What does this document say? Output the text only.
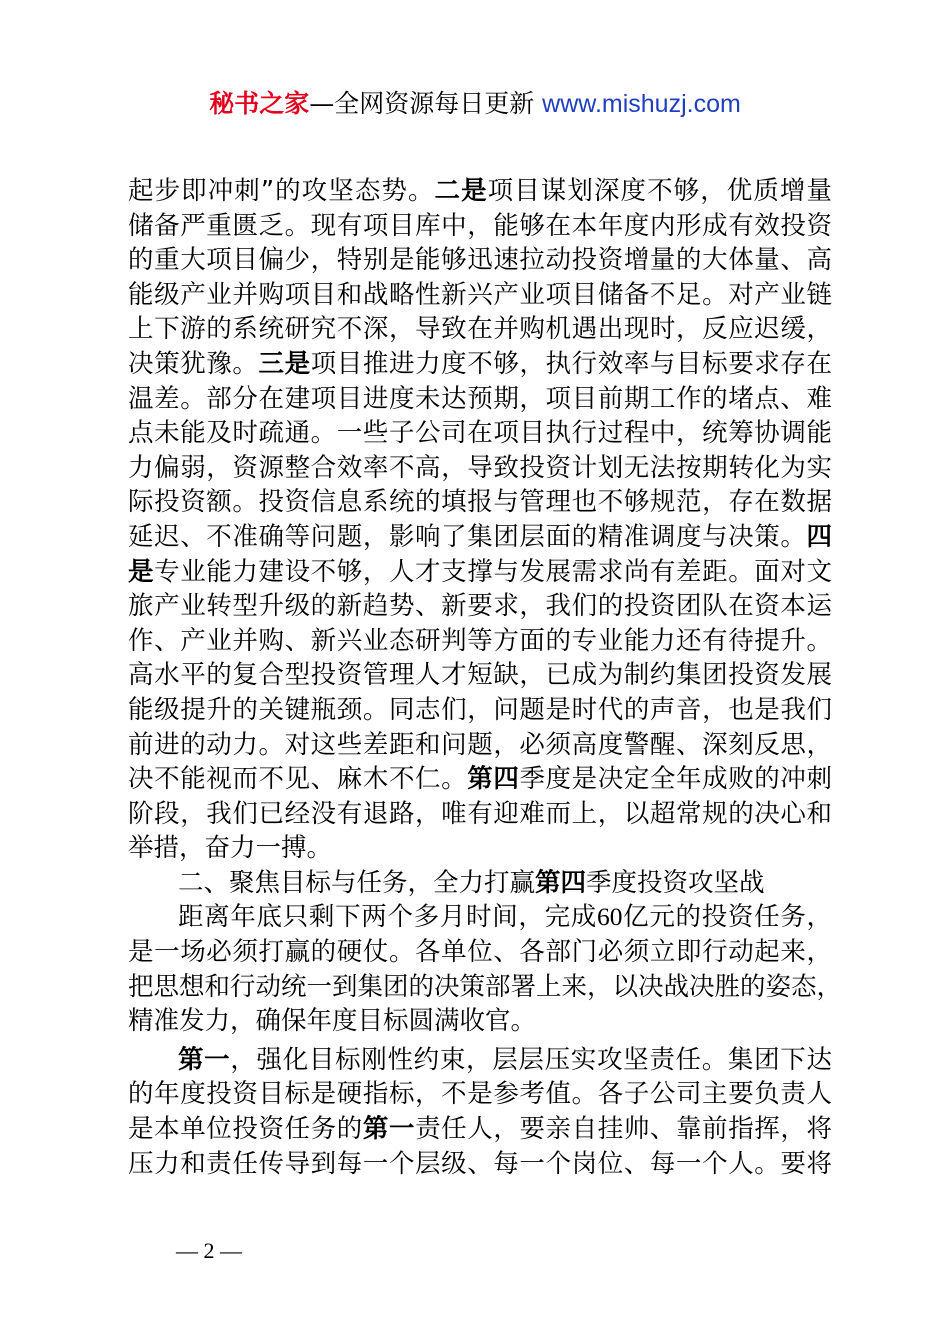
秘书之家—全网资源每日更新 www.mishuzj.com
起步即冲刺”的攻坚态势。二是项目谋划深度不够，优质增量
储备严重匮乏。现有项目库中，能够在本年度内形成有效投资
的重大项目偏少，特别是能够迅速拉动投资增量的大体量、高
能级产业并购项目和战略性新兴产业项目储备不足。对产业链
上下游的系统研究不深，导致在并购机遇出现时，反应迟缓，
决策犹豫。三是项目推进力度不够，执行效率与目标要求存在
温差。部分在建项目进度未达预期，项目前期工作的堵点、难
点未能及时疏通。一些子公司在项目执行过程中，统筹协调能
力偏弱，资源整合效率不高，导致投资计划无法按期转化为实
际投资额。投资信息系统的填报与管理也不够规范，存在数据
延迟、不准确等问题，影响了集团层面的精准调度与决策。四
是专业能力建设不够，人才支撑与发展需求尚有差距。面对文
旅产业转型升级的新趋势、新要求，我们的投资团队在资本运
作、产业并购、新兴业态研判等方面的专业能力还有待提升。
高水平的复合型投资管理人才短缺，已成为制约集团投资发展
能级提升的关键瓶颈。同志们，问题是时代的声音，也是我们
前进的动力。对这些差距和问题，必须高度警醒、深刻反思，
决不能视而不见、麻木不仁。第四季度是决定全年成败的冲刺
阶段，我们已经没有退路，唯有迎难而上，以超常规的决心和
举措，奋力一搏。
二、聚焦目标与任务，全力打赢第四季度投资攻坚战
距离年底只剩下两个多月时间，完成60亿元的投资任务，
是一场必须打赢的硬仗。各单位、各部门必须立即行动起来，
把思想和行动统一到集团的决策部署上来，以决战决胜的姿态，
精准发力，确保年度目标圆满收官。
第一，强化目标刚性约束，层层压实攻坚责任。集团下达
的年度投资目标是硬指标，不是参考值。各子公司主要负责人
是本单位投资任务的第一责任人，要亲自挂帅、靠前指挥，将
压力和责任传导到每一个层级、每一个岗位、每一个人。要将
— 2 —
